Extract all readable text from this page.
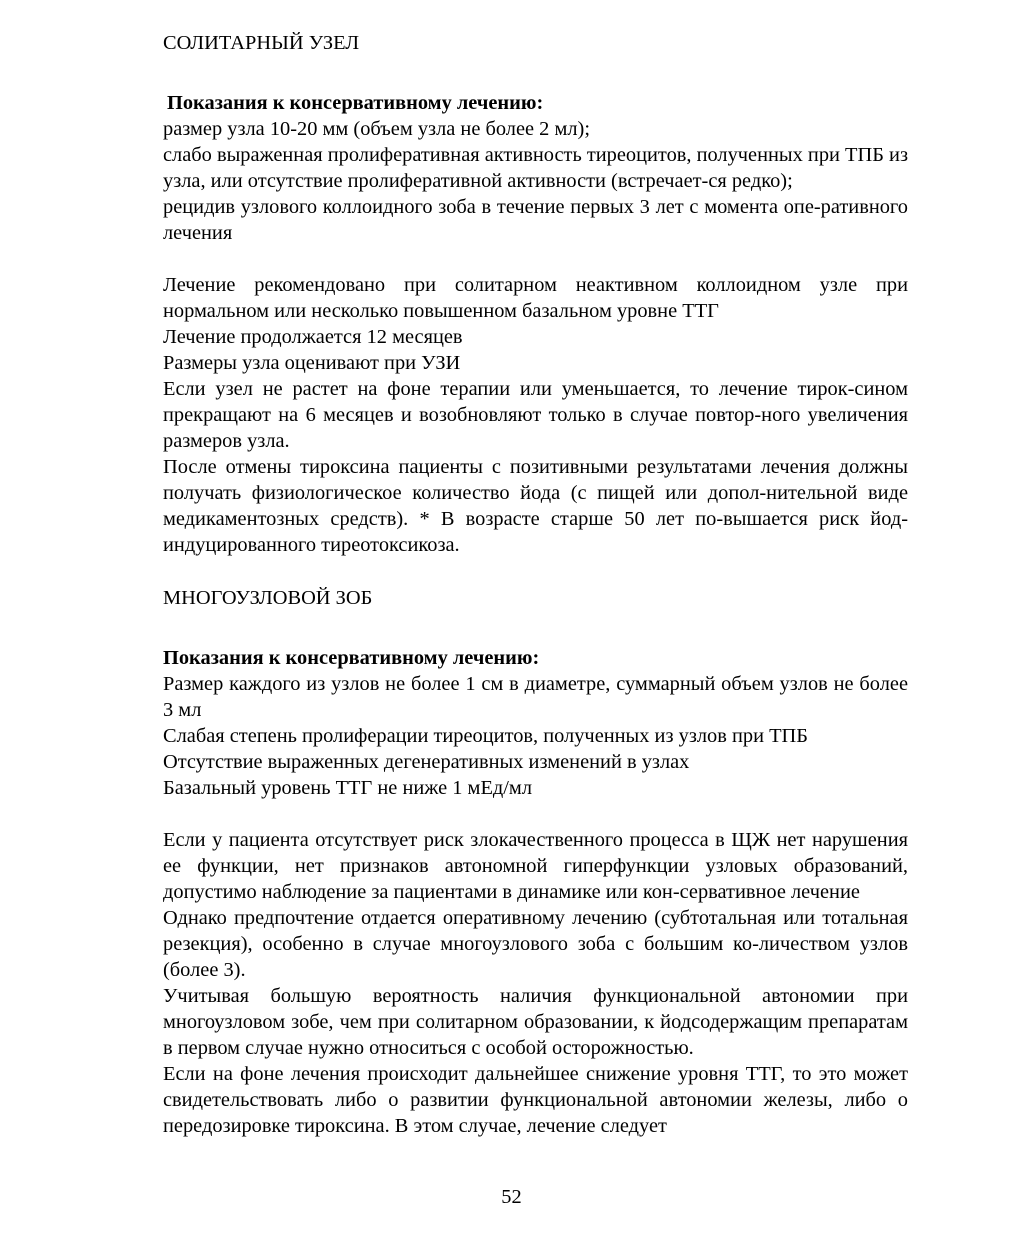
СОЛИТАРНЫЙ УЗЕЛ
Показания к консервативному лечению:

размер узла 10-20 мм (объем узла не более 2 мл);

слабо выраженная пролиферативная активность тиреоцитов, полученных при ТПБ из узла, или отсутствие пролиферативной активности (встречает-ся редко);

рецидив узлового коллоидного зоба в течение первых 3 лет с момента опе-ративного лечения

Лечение рекомендовано при солитарном неактивном коллоидном узле при нормальном или несколько повышенном базальном уровне ТТГ

Лечение продолжается 12 месяцев

Размеры узла оценивают при УЗИ

Если узел не растет на фоне терапии или уменьшается, то лечение тирок-сином прекращают на 6 месяцев и возобновляют только в случае повтор-ного увеличения размеров узла.

После отмены тироксина пациенты с позитивными результатами лечения должны получать физиологическое количество йода (с пищей или допол-нительной виде медикаментозных средств). * В возрасте старше 50 лет по-вышается риск йод-индуцированного тиреотоксикоза.

МНОГОУЗЛОВОЙ ЗОБ
Показания к консервативному лечению:

Размер каждого из узлов не более 1 см в диаметре, суммарный объем узлов не более 3 мл

Слабая степень пролиферации тиреоцитов, полученных из узлов при ТПБ

Отсутствие выраженных дегенеративных изменений в узлах

Базальный уровень ТТГ не ниже 1 мЕд/мл

Если у пациента отсутствует риск злокачественного процесса в ЩЖ нет нарушения ее функции, нет признаков автономной гиперфункции узловых образований, допустимо наблюдение за пациентами в динамике или кон-сервативное лечение

Однако предпочтение отдается оперативному лечению (субтотальная или тотальная резекция), особенно в случае многоузлового зоба с большим ко-личеством узлов (более 3).

Учитывая большую вероятность наличия функциональной автономии при многоузловом зобе, чем при солитарном образовании, к йодсодержащим препаратам в первом случае нужно относиться с особой осторожностью.

Если на фоне лечения происходит дальнейшее снижение уровня ТТГ, то это может свидетельствовать либо о развитии функциональной автономии железы, либо о передозировке тироксина. В этом случае, лечение следует

52
